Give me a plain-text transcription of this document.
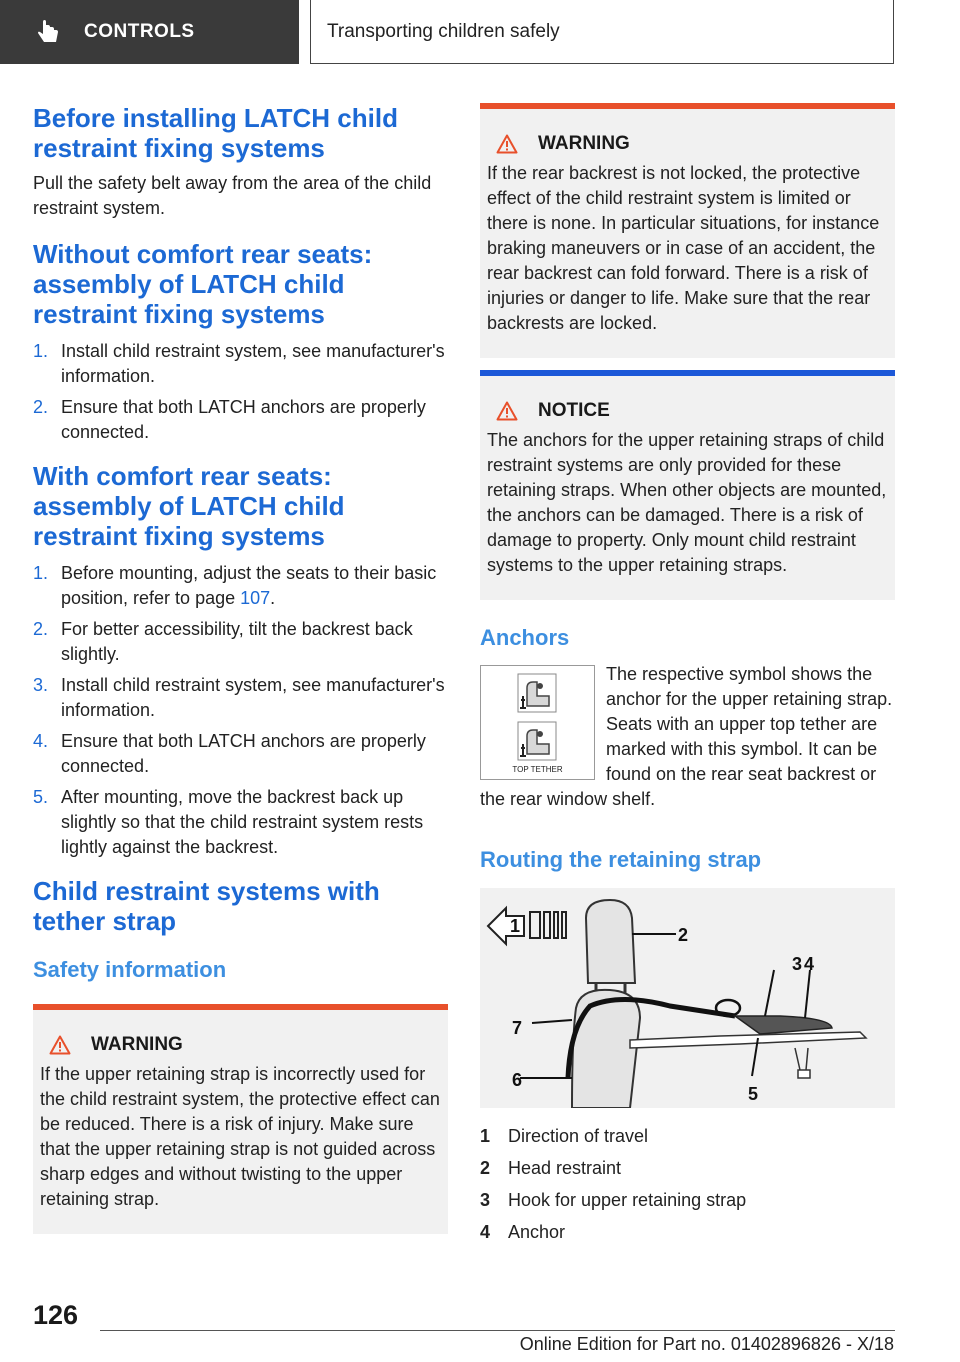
CONTROLS	Transporting children safely
Before installing LATCH child restraint fixing systems

Pull the safety belt away from the area of the child restraint system.

Without comfort rear seats: assembly of LATCH child restraint fixing systems
1. Install child restraint system, see manufacturer's information.
2. Ensure that both LATCH anchors are properly connected.
With comfort rear seats: assembly of LATCH child restraint fixing systems
1. Before mounting, adjust the seats to their basic position, refer to page 107.
2. For better accessibility, tilt the backrest back slightly.
3. Install child restraint system, see manufacturer's information.
4. Ensure that both LATCH anchors are properly connected.
5. After mounting, move the backrest back up slightly so that the child restraint system rests lightly against the backrest.
Child restraint systems with tether strap
Safety information
WARNING

If the upper retaining strap is incorrectly used for the child restraint system, the protective effect can be reduced. There is a risk of injury. Make sure that the upper retaining strap is not guided across sharp edges and without twisting to the upper retaining strap.

WARNING

If the rear backrest is not locked, the protective effect of the child restraint system is limited or there is none. In particular situations, for instance braking maneuvers or in case of an accident, the rear backrest can fold forward. There is a risk of injuries or danger to life. Make sure that the rear backrests are locked.

NOTICE

The anchors for the upper retaining straps of child restraint systems are only provided for these retaining straps. When other objects are mounted, the anchors can be damaged. There is a risk of damage to property. Only mount child restraint systems to the upper retaining straps.

Anchors
TOP TETHER

The respective symbol shows the anchor for the upper retaining strap. Seats with an upper top tether are marked with this symbol. It can be found on the rear seat backrest or the rear window shelf.

Routing the retaining strap
1	2
3 4
5
6
7
1 Direction of travel
2 Head restraint
3 Hook for upper retaining strap
4 Anchor
126
Online Edition for Part no. 01402896826 - X/18
